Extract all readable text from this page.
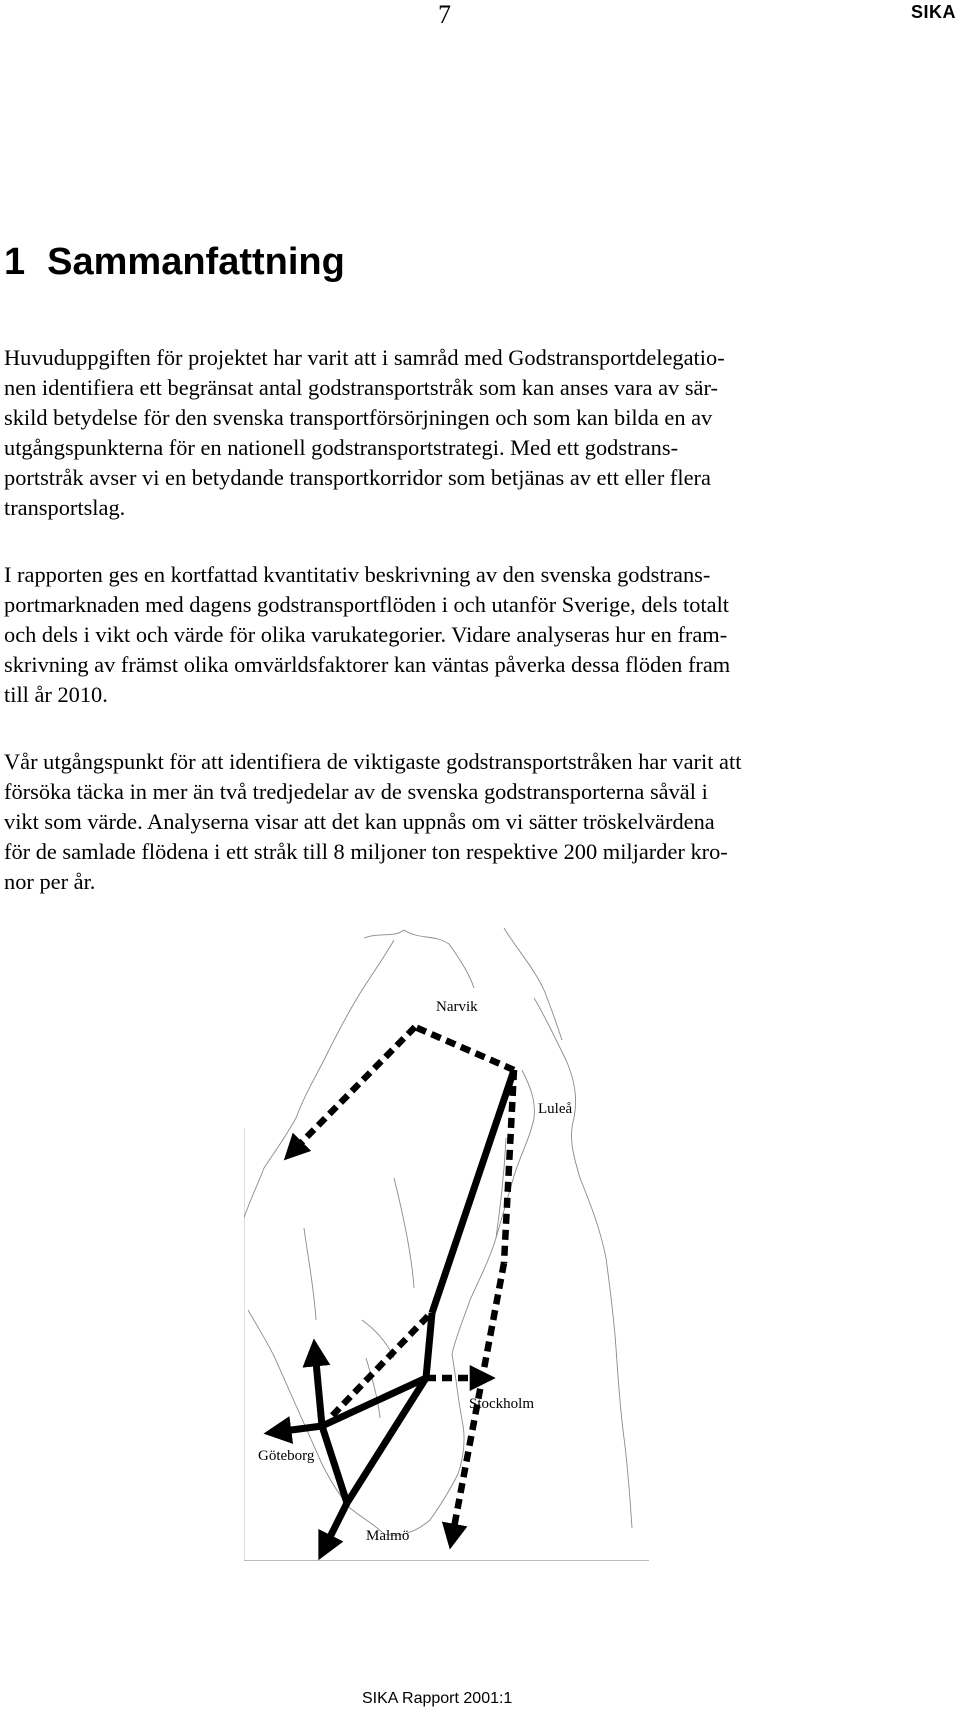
7	SIKA
1 Sammanfattning
Huvuduppgiften för projektet har varit att i samråd med Godstransportdelegatio-
nen identifiera ett begränsat antal godstransportstråk som kan anses vara av sär-
skild betydelse för den svenska transportförsörjningen och som kan bilda en av
utgångspunkterna för en nationell godstransportstrategi. Med ett godstrans-
portstråk avser vi en betydande transportkorridor som betjänas av ett eller flera
transportslag.
I rapporten ges en kortfattad kvantitativ beskrivning av den svenska godstrans-
portmarknaden med dagens godstransportflöden i och utanför Sverige, dels totalt
och dels i vikt och värde för olika varukategorier. Vidare analyseras hur en fram-
skrivning av främst olika omvärldsfaktorer kan väntas påverka dessa flöden fram
till år 2010.
Vår utgångspunkt för att identifiera de viktigaste godstransportstråken har varit att
försöka täcka in mer än två tredjedelar av de svenska godstransporterna såväl i
vikt som värde. Analyserna visar att det kan uppnås om vi sätter tröskelvärdena
för de samlade flödena i ett stråk till 8 miljoner ton respektive 200 miljarder kro-
nor per år.
Narvik
Luleå
Stockholm
Göteborg
Malmö
SIKA Rapport 2001:1
